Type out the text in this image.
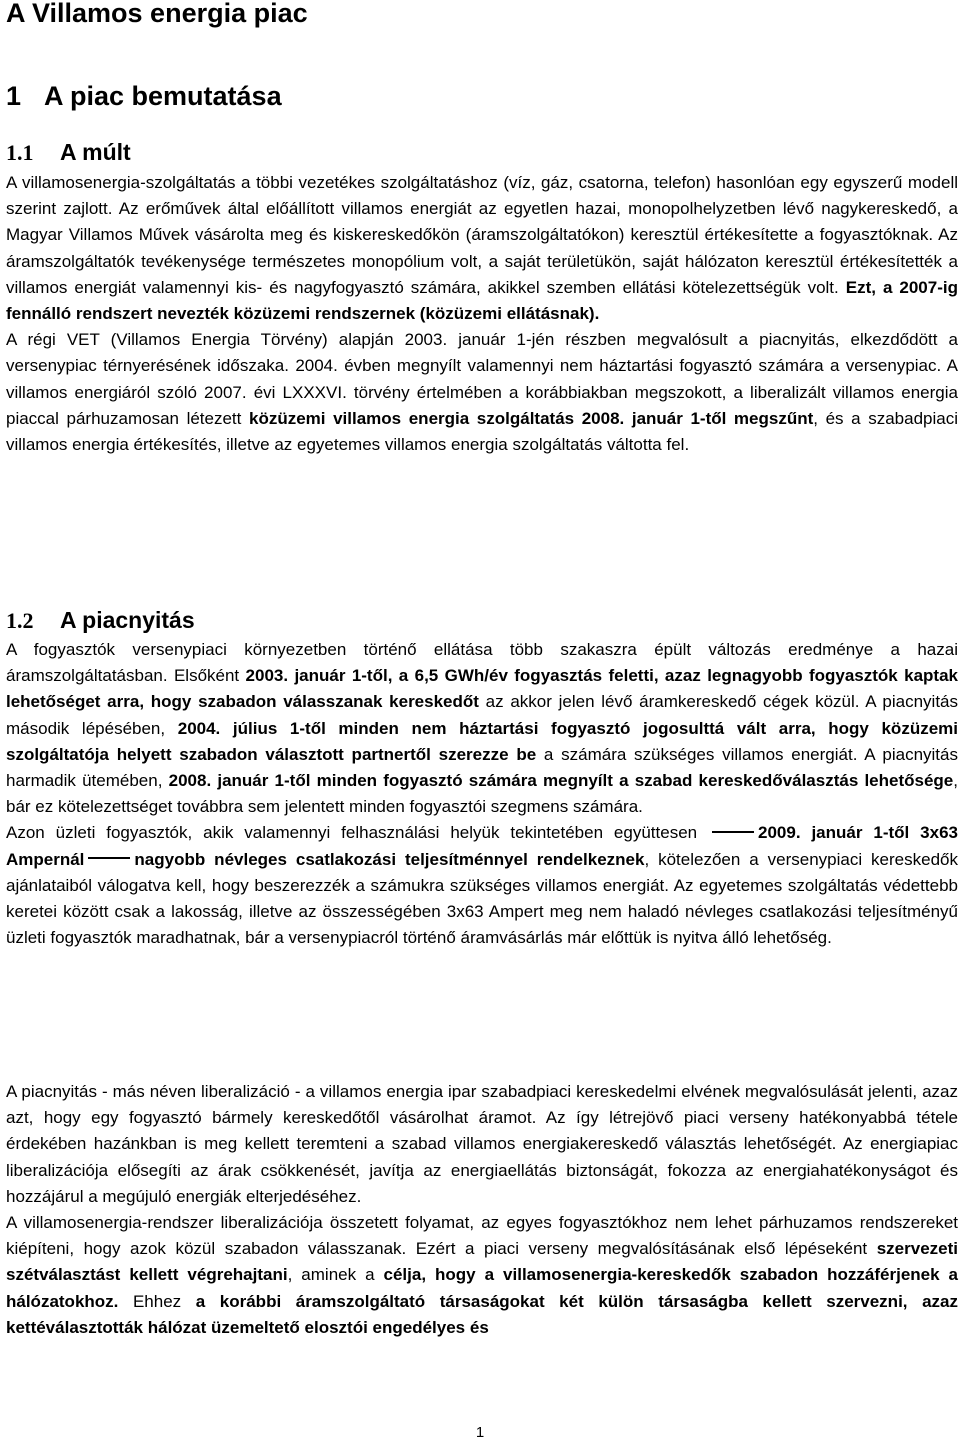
A Villamos energia piac
1 A piac bemutatása
1.1 A múlt

A villamosenergia-szolgáltatás a többi vezetékes szolgáltatáshoz (víz, gáz, csatorna, telefon) hasonlóan egy egyszerű modell szerint zajlott. Az erőművek által előállított villamos energiát az egyetlen hazai, monopolhelyzetben lévő nagykereskedő, a Magyar Villamos Művek vásárolta meg és kiskereskedőkön (áramszolgáltatókon) keresztül értékesítette a fogyasztóknak. Az áramszolgáltatók tevékenysége természetes monopólium volt, a saját területükön, saját hálózaton keresztül értékesítették a villamos energiát valamennyi kis- és nagyfogyasztó számára, akikkel szemben ellátási kötelezettségük volt. Ezt, a 2007-ig fennálló rendszert nevezték közüzemi rendszernek (közüzemi ellátásnak).

A régi VET (Villamos Energia Törvény) alapján 2003. január 1-jén részben megvalósult a piacnyitás, elkezdődött a versenypiac térnyerésének időszaka. 2004. évben megnyílt valamennyi nem háztartási fogyasztó számára a versenypiac. A villamos energiáról szóló 2007. évi LXXXVI. törvény értelmében a korábbiakban megszokott, a liberalizált villamos energia piaccal párhuzamosan létezett közüzemi villamos energia szolgáltatás 2008. január 1-től megszűnt, és a szabadpiaci villamos energia értékesítés, illetve az egyetemes villamos energia szolgáltatás váltotta fel.

1.2 A piacnyitás

A fogyasztók versenypiaci környezetben történő ellátása több szakaszra épült változás eredménye a hazai áramszolgáltatásban. Elsőként 2003. január 1-től, a 6,5 GWh/év fogyasztás feletti, azaz legnagyobb fogyasztók kaptak lehetőséget arra, hogy szabadon válasszanak kereskedőt az akkor jelen lévő áramkereskedő cégek közül. A piacnyitás második lépésében, 2004. július 1-től minden nem háztartási fogyasztó jogosulttá vált arra, hogy közüzemi szolgáltatója helyett szabadon választott partnertől szerezze be a számára szükséges villamos energiát. A piacnyitás harmadik ütemében, 2008. január 1-től minden fogyasztó számára megnyílt a szabad kereskedőválasztás lehetősége, bár ez kötelezettséget továbbra sem jelentett minden fogyasztói szegmens számára.

Azon üzleti fogyasztók, akik valamennyi felhasználási helyük tekintetében együttesen	2009. január 1-től 3x63 Ampernál	nagyobb névleges csatlakozási teljesítménnyel rendelkeznek, kötelezően a versenypiaci kereskedők ajánlataiból válogatva kell, hogy beszerezzék a számukra szükséges villamos energiát. Az egyetemes szolgáltatás védettebb keretei között csak a lakosság, illetve az összességében 3x63 Ampert meg nem haladó névleges csatlakozási teljesítményű üzleti fogyasztók maradhatnak, bár a versenypiacról történő áramvásárlás már előttük is nyitva álló lehetőség.

A piacnyitás - más néven liberalizáció - a villamos energia ipar szabadpiaci kereskedelmi elvének megvalósulását jelenti, azaz azt, hogy egy fogyasztó bármely kereskedőtől vásárolhat áramot. Az így létrejövő piaci verseny hatékonyabbá tétele érdekében hazánkban is meg kellett teremteni a szabad villamos energiakereskedő választás lehetőségét. Az energiapiac liberalizációja elősegíti az árak csökkenését, javítja az energiaellátás biztonságát, fokozza az energiahatékonyságot és hozzájárul a megújuló energiák elterjedéséhez.

A villamosenergia-rendszer liberalizációja összetett folyamat, az egyes fogyasztókhoz nem lehet párhuzamos rendszereket kiépíteni, hogy azok közül szabadon válasszanak. Ezért a piaci verseny megvalósításának első lépéseként szervezeti szétválasztást kellett végrehajtani, aminek a célja, hogy a villamosenergia-kereskedők szabadon hozzáférjenek a hálózatokhoz. Ehhez a korábbi áramszolgáltató társaságokat két külön társaságba kellett szervezni, azaz kettéválasztották hálózat üzemeltető elosztói engedélyes és

1
